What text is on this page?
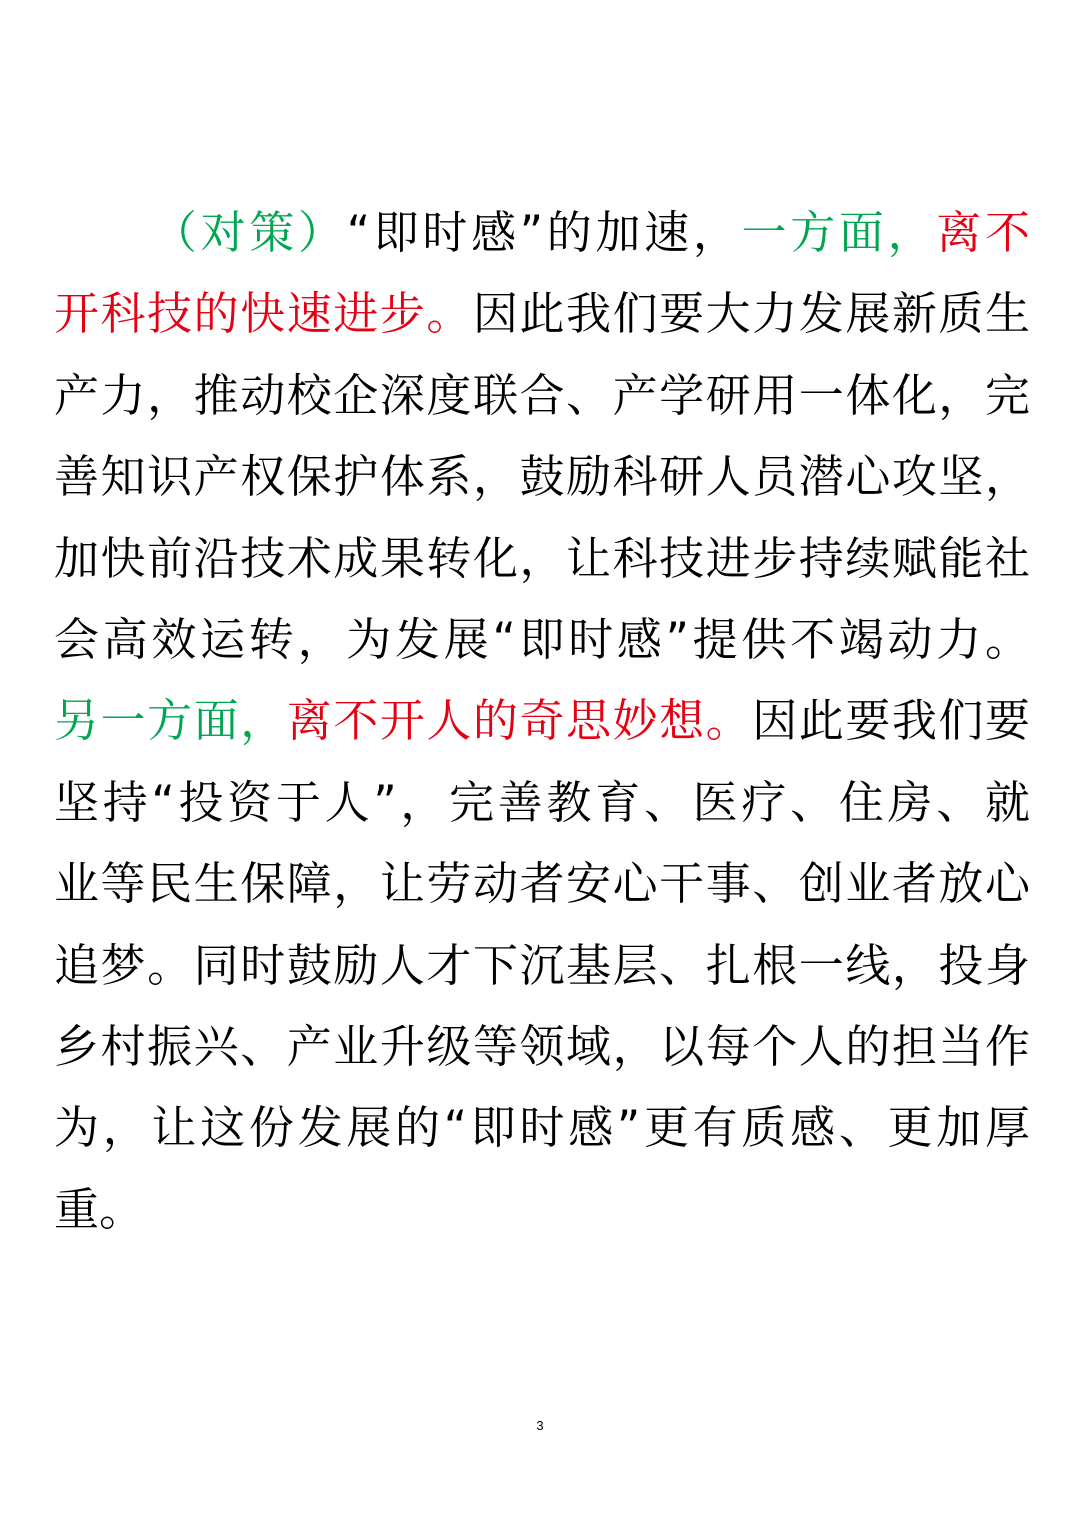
（对策）“即时感”的加速，一方面，离不
开科技的快速进步。因此我们要大力发展新质生
产力，推动校企深度联合、产学研用一体化，完
善知识产权保护体系，鼓励科研人员潜心攻坚，
加快前沿技术成果转化，让科技进步持续赋能社
会高效运转，为发展“即时感”提供不竭动力。
另一方面，离不开人的奇思妙想。因此要我们要
坚持“投资于人”，完善教育、医疗、住房、就
业等民生保障，让劳动者安心干事、创业者放心
追梦。同时鼓励人才下沉基层、扎根一线，投身
乡村振兴、产业升级等领域，以每个人的担当作
为，让这份发展的“即时感”更有质感、更加厚
重。
3
